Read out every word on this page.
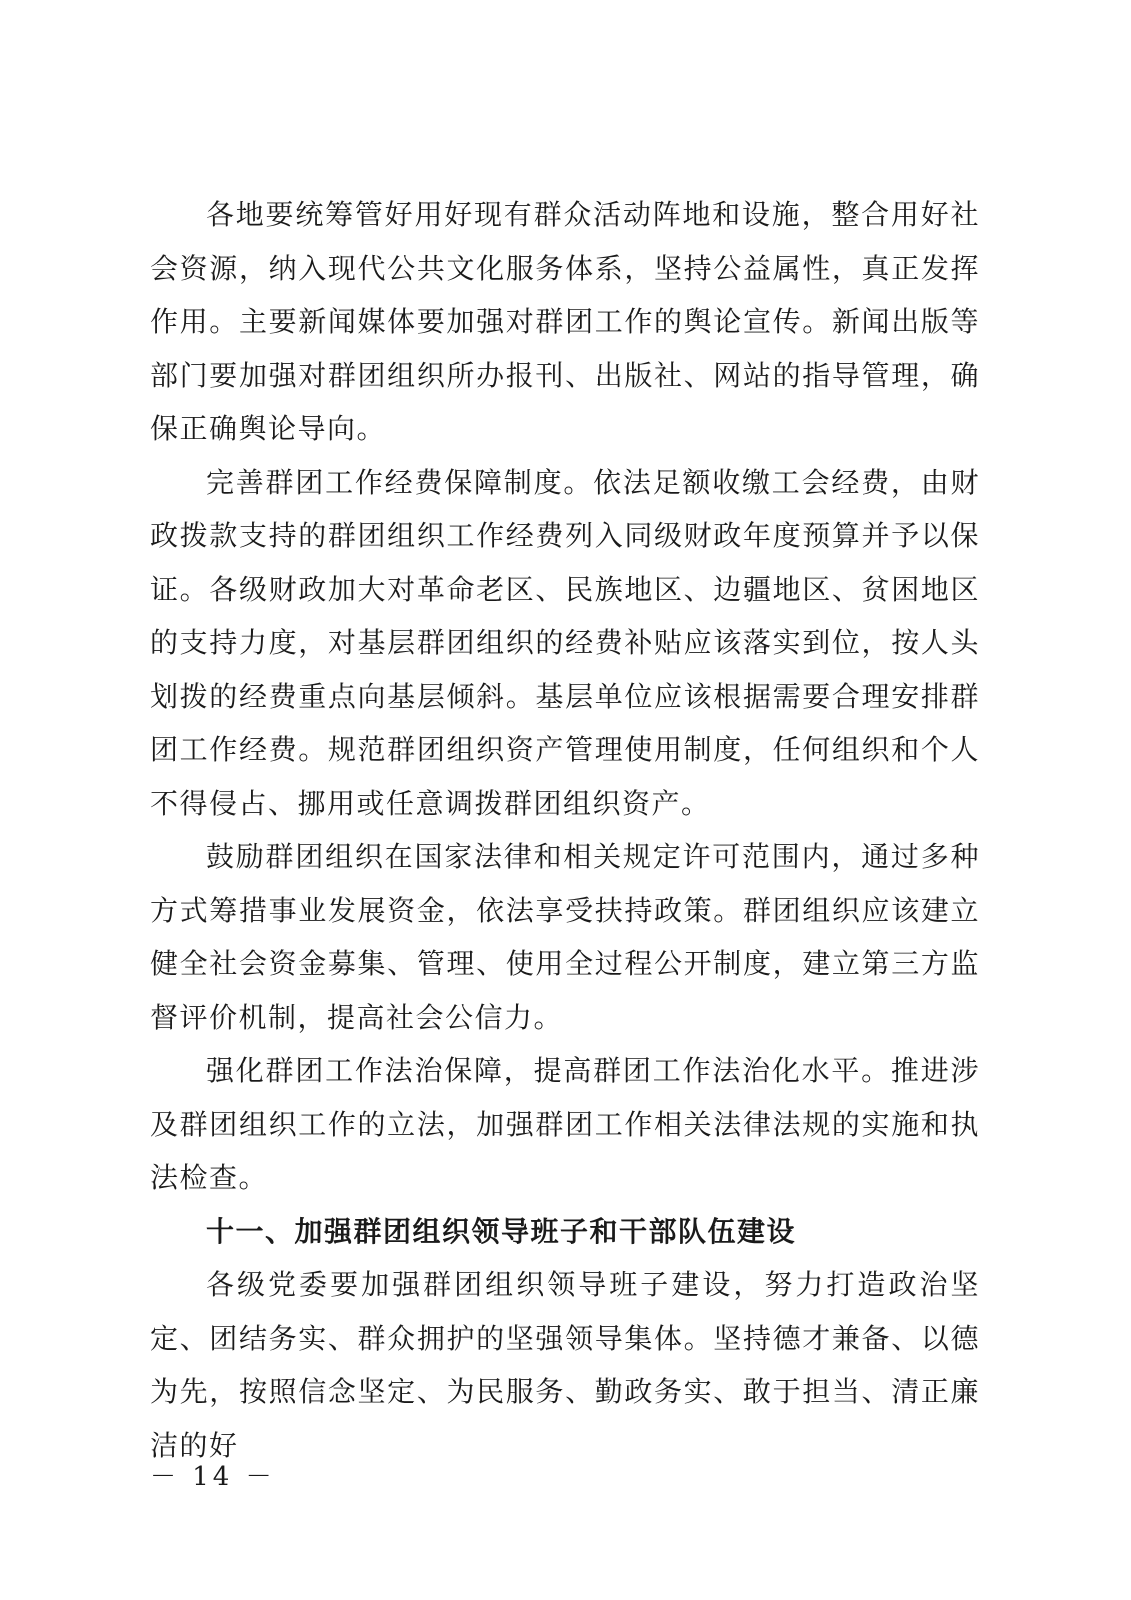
各地要统筹管好用好现有群众活动阵地和设施，整合用好社会资源，纳入现代公共文化服务体系，坚持公益属性，真正发挥作用。主要新闻媒体要加强对群团工作的舆论宣传。新闻出版等部门要加强对群团组织所办报刊、出版社、网站的指导管理，确保正确舆论导向。

完善群团工作经费保障制度。依法足额收缴工会经费，由财政拨款支持的群团组织工作经费列入同级财政年度预算并予以保证。各级财政加大对革命老区、民族地区、边疆地区、贫困地区的支持力度，对基层群团组织的经费补贴应该落实到位，按人头划拨的经费重点向基层倾斜。基层单位应该根据需要合理安排群团工作经费。规范群团组织资产管理使用制度，任何组织和个人不得侵占、挪用或任意调拨群团组织资产。

鼓励群团组织在国家法律和相关规定许可范围内，通过多种方式筹措事业发展资金，依法享受扶持政策。群团组织应该建立健全社会资金募集、管理、使用全过程公开制度，建立第三方监督评价机制，提高社会公信力。

强化群团工作法治保障，提高群团工作法治化水平。推进涉及群团组织工作的立法，加强群团工作相关法律法规的实施和执法检查。

十一、加强群团组织领导班子和干部队伍建设

各级党委要加强群团组织领导班子建设，努力打造政治坚定、团结务实、群众拥护的坚强领导集体。坚持德才兼备、以德为先，按照信念坚定、为民服务、勤政务实、敢于担当、清正廉洁的好

－ 14 －
